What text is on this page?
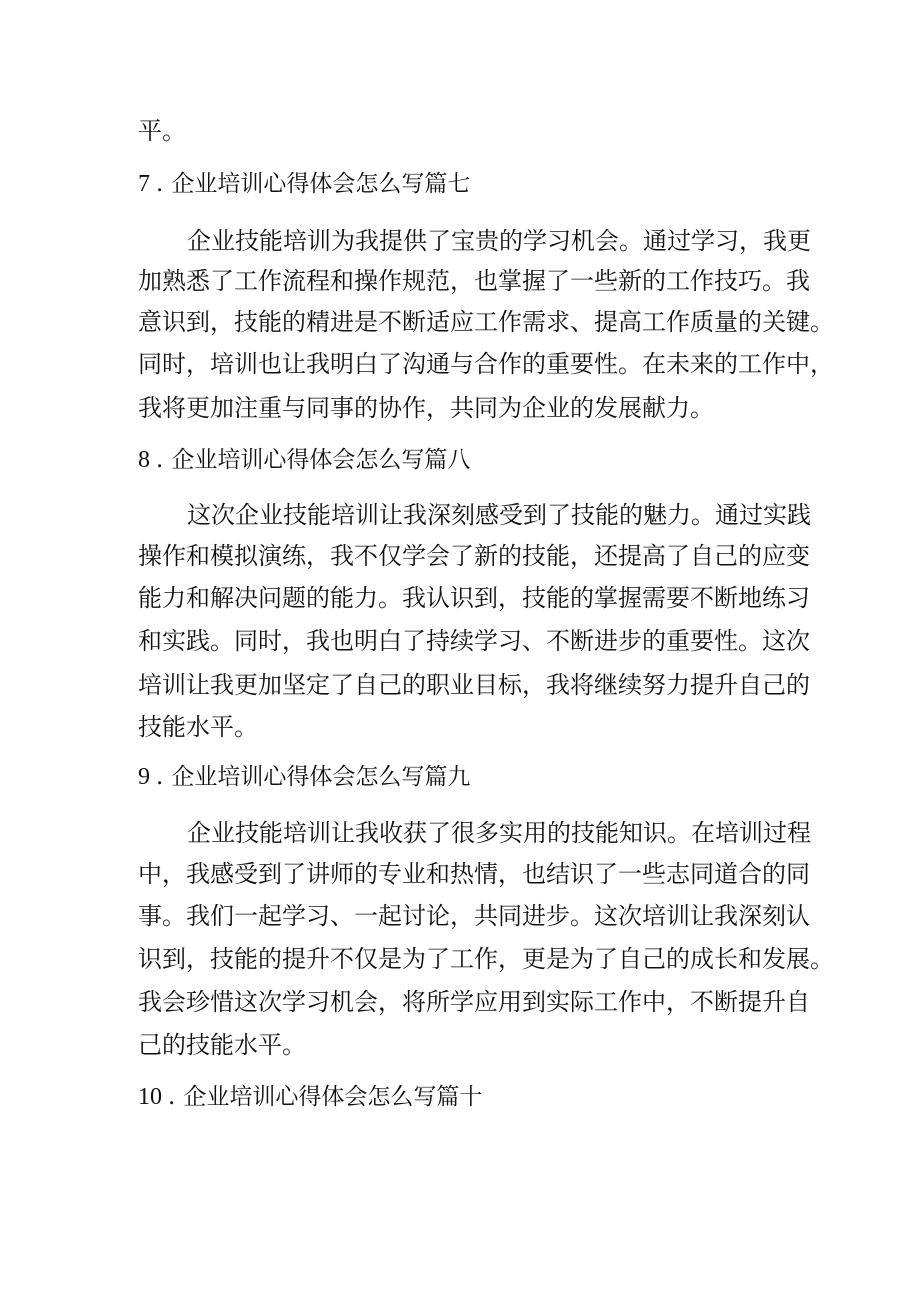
平。
7 . 企业培训心得体会怎么写篇七
企业技能培训为我提供了宝贵的学习机会。通过学习，我更
加熟悉了工作流程和操作规范，也掌握了一些新的工作技巧。我
意识到，技能的精进是不断适应工作需求、提高工作质量的关键。
同时，培训也让我明白了沟通与合作的重要性。在未来的工作中，
我将更加注重与同事的协作，共同为企业的发展献力。
8 . 企业培训心得体会怎么写篇八
这次企业技能培训让我深刻感受到了技能的魅力。通过实践
操作和模拟演练，我不仅学会了新的技能，还提高了自己的应变
能力和解决问题的能力。我认识到，技能的掌握需要不断地练习
和实践。同时，我也明白了持续学习、不断进步的重要性。这次
培训让我更加坚定了自己的职业目标，我将继续努力提升自己的
技能水平。
9 . 企业培训心得体会怎么写篇九
企业技能培训让我收获了很多实用的技能知识。在培训过程
中，我感受到了讲师的专业和热情，也结识了一些志同道合的同
事。我们一起学习、一起讨论，共同进步。这次培训让我深刻认
识到，技能的提升不仅是为了工作，更是为了自己的成长和发展。
我会珍惜这次学习机会，将所学应用到实际工作中，不断提升自
己的技能水平。
10 . 企业培训心得体会怎么写篇十
